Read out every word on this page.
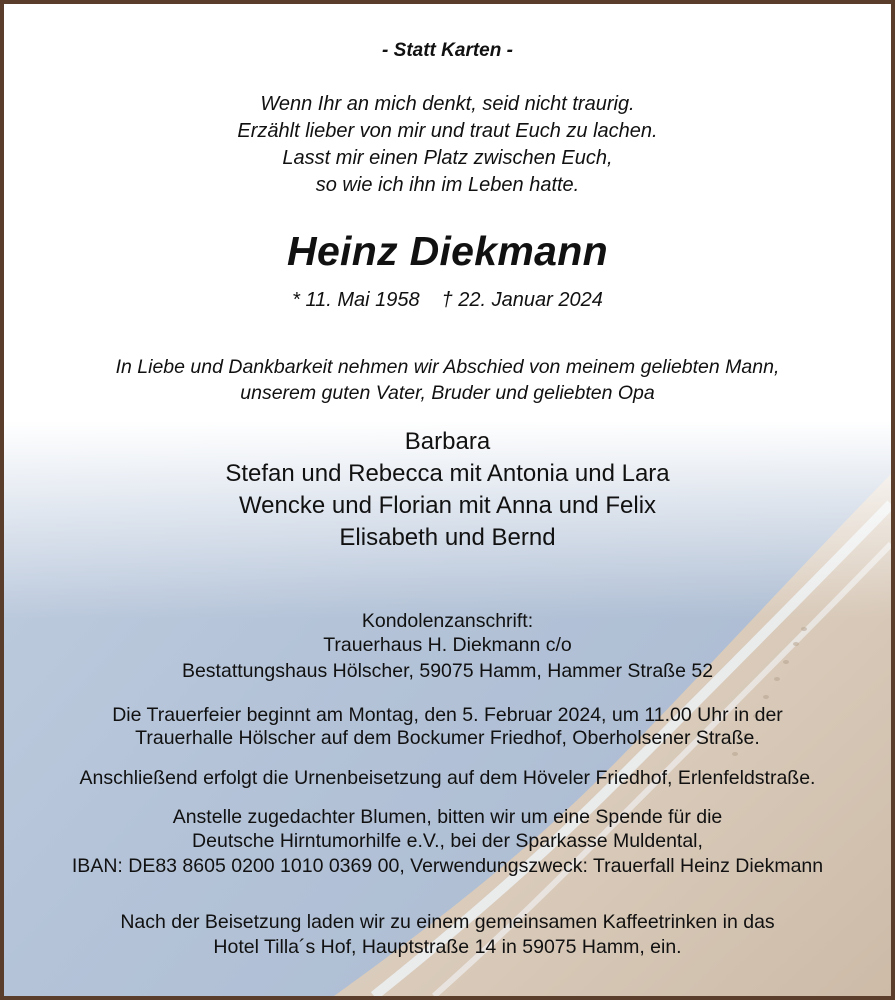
- Statt Karten -
Wenn Ihr an mich denkt, seid nicht traurig.
Erzählt lieber von mir und traut Euch zu lachen.
Lasst mir einen Platz zwischen Euch,
so wie ich ihn im Leben hatte.
Heinz Diekmann
* 11. Mai 1958 † 22. Januar 2024
In Liebe und Dankbarkeit nehmen wir Abschied von meinem geliebten Mann,
unserem guten Vater, Bruder und geliebten Opa
Barbara
Stefan und Rebecca mit Antonia und Lara
Wencke und Florian mit Anna und Felix
Elisabeth und Bernd
Kondolenzanschrift:
Trauerhaus H. Diekmann c/o
Bestattungshaus Hölscher, 59075 Hamm, Hammer Straße 52
Die Trauerfeier beginnt am Montag, den 5. Februar 2024, um 11.00 Uhr in der
Trauerhalle Hölscher auf dem Bockumer Friedhof, Oberholsener Straße.
Anschließend erfolgt die Urnenbeisetzung auf dem Höveler Friedhof, Erlenfeldstraße.
Anstelle zugedachter Blumen, bitten wir um eine Spende für die
Deutsche Hirntumorhilfe e.V., bei der Sparkasse Muldental,
IBAN: DE83 8605 0200 1010 0369 00, Verwendungszweck: Trauerfall Heinz Diekmann
Nach der Beisetzung laden wir zu einem gemeinsamen Kaffeetrinken in das
Hotel Tilla´s Hof, Hauptstraße 14 in 59075 Hamm, ein.
